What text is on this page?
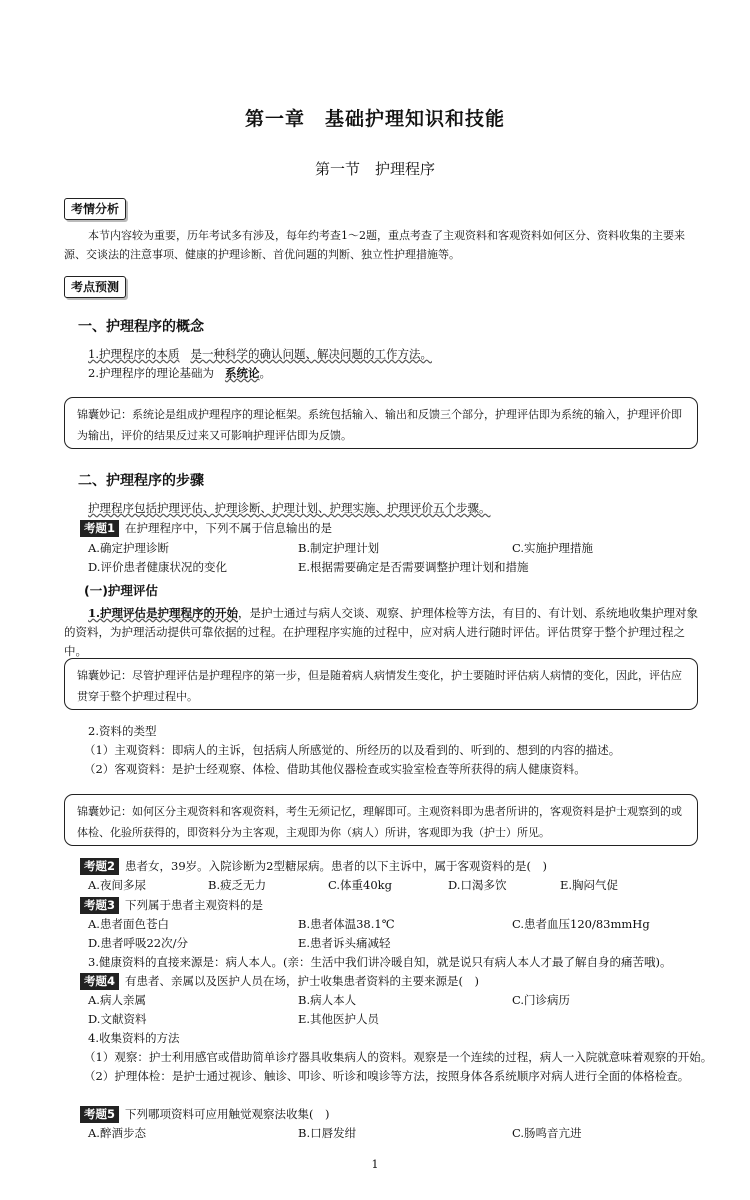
第一章　基础护理知识和技能
第一节　护理程序
考情分析
本节内容较为重要，历年考试多有涉及，每年约考查1～2题，重点考查了主观资料和客观资料如何区分、资料收集的主要来源、交谈法的注意事项、健康的护理诊断、首优问题的判断、独立性护理措施等。
考点预测
一、护理程序的概念
1.护理程序的本质 是一种科学的确认问题、解决问题的工作方法。
2.护理程序的理论基础为 系统论。
锦囊妙记：系统论是组成护理程序的理论框架。系统包括输入、输出和反馈三个部分，护理评估即为系统的输入，护理评价即为输出，评价的结果反过来又可影响护理评估即为反馈。
二、护理程序的步骤
护理程序包括护理评估、护理诊断、护理计划、护理实施、护理评价五个步骤。
考题1 在护理程序中，下列不属于信息输出的是
A.确定护理诊断	B.制定护理计划	C.实施护理措施
D.评价患者健康状况的变化	E.根据需要确定是否需要调整护理计划和措施
(一)护理评估
1.护理评估是护理程序的开始，是护士通过与病人交谈、观察、护理体检等方法，有目的、有计划、系统地收集护理对象的资料，为护理活动提供可靠依据的过程。在护理程序实施的过程中，应对病人进行随时评估。评估贯穿于整个护理过程之中。
锦囊妙记：尽管护理评估是护理程序的第一步，但是随着病人病情发生变化，护士要随时评估病人病情的变化，因此，评估应贯穿于整个护理过程中。
2.资料的类型
（1）主观资料：即病人的主诉，包括病人所感觉的、所经历的以及看到的、听到的、想到的内容的描述。
（2）客观资料：是护士经观察、体检、借助其他仪器检查或实验室检查等所获得的病人健康资料。
锦囊妙记：如何区分主观资料和客观资料，考生无须记忆，理解即可。主观资料即为患者所讲的，客观资料是护士观察到的或体检、化验所获得的，即资料分为主客观，主观即为你（病人）所讲，客观即为我（护士）所见。
考题2 患者女，39岁。入院诊断为2型糖尿病。患者的以下主诉中，属于客观资料的是(　)
A.夜间多尿	B.疲乏无力	C.体重40kg	D.口渴多饮	E.胸闷气促
考题3 下列属于患者主观资料的是
A.患者面色苍白	B.患者体温38.1℃	C.患者血压120/83mmHg
D.患者呼吸22次/分	E.患者诉头痛减轻
3.健康资料的直接来源是：病人本人。(亲：生活中我们讲冷暖自知，就是说只有病人本人才最了解自身的痛苦哦)。
考题4 有患者、亲属以及医护人员在场，护士收集患者资料的主要来源是(　)
A.病人亲属	B.病人本人	C.门诊病历
D.文献资料	E.其他医护人员
4.收集资料的方法
（1）观察：护士利用感官或借助简单诊疗器具收集病人的资料。观察是一个连续的过程，病人一入院就意味着观察的开始。
（2）护理体检：是护士通过视诊、触诊、叩诊、听诊和嗅诊等方法，按照身体各系统顺序对病人进行全面的体格检查。
考题5 下列哪项资料可应用触觉观察法收集(　)
A.醉酒步态	B.口唇发绀	C.肠鸣音亢进
1
